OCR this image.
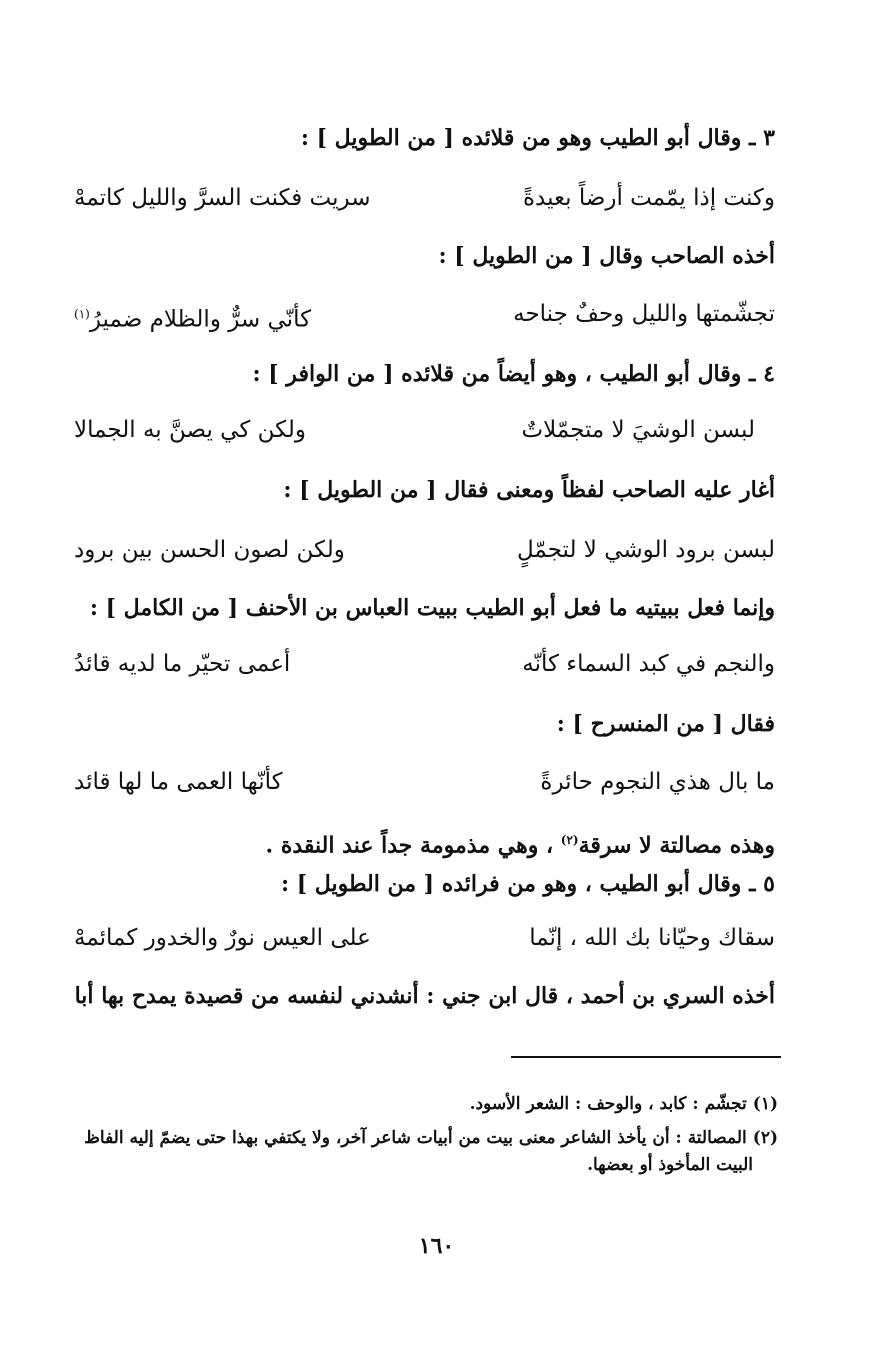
٣ ـ وقال أبو الطيب وهو من قلائده [ من الطويل ] :
وكنت إذا يمّمت أرضاً بعيدةً
سريت فكنت السرَّ والليل كاتمهْ
أخذه الصاحب وقال [ من الطويل ] :
تجشّمتها والليل وحفٌ جناحه
كأنّي سرٌّ والظلام ضميرُ$^{(١)}$
٤ ـ وقال أبو الطيب ، وهو أيضاً من قلائده [ من الوافر ] :
لبسن الوشيَ لا متجمّلاتٌ
ولكن كي يصنَّ به الجمالا
أغار عليه الصاحب لفظاً ومعنى فقال [ من الطويل ] :
لبسن برود الوشي لا لتجمّلٍ
ولكن لصون الحسن بين برود
وإنما فعل ببيتيه ما فعل أبو الطيب ببيت العباس بن الأحنف [ من الكامل ] :
والنجم في كبد السماء كأنّه
أعمى تحيّر ما لديه قائدُ
فقال [ من المنسرح ] :
ما بال هذي النجوم حائرةً
كأنّها العمى ما لها قائد
وهذه مصالتة لا سرقة$^{(٢)}$ ، وهي مذمومة جداً عند النقدة .
٥ ـ وقال أبو الطيب ، وهو من فرائده [ من الطويل ] :
سقاك وحيّانا بك الله ، إنّما
على العيس نورٌ والخدور كمائمهْ
أخذه السري بن أحمد ، قال ابن جني : أنشدني لنفسه من قصيدة يمدح بها أبا
(١)تجشّم : كابد ، والوحف : الشعر الأسود.
(٢)المصالتة : أن يأخذ الشاعر معنى بيت من أبيات شاعر آخر، ولا يكتفي بهذا حتى يضمّ إليه الفاظ
البيت المأخوذ أو بعضها.
١٦٠
